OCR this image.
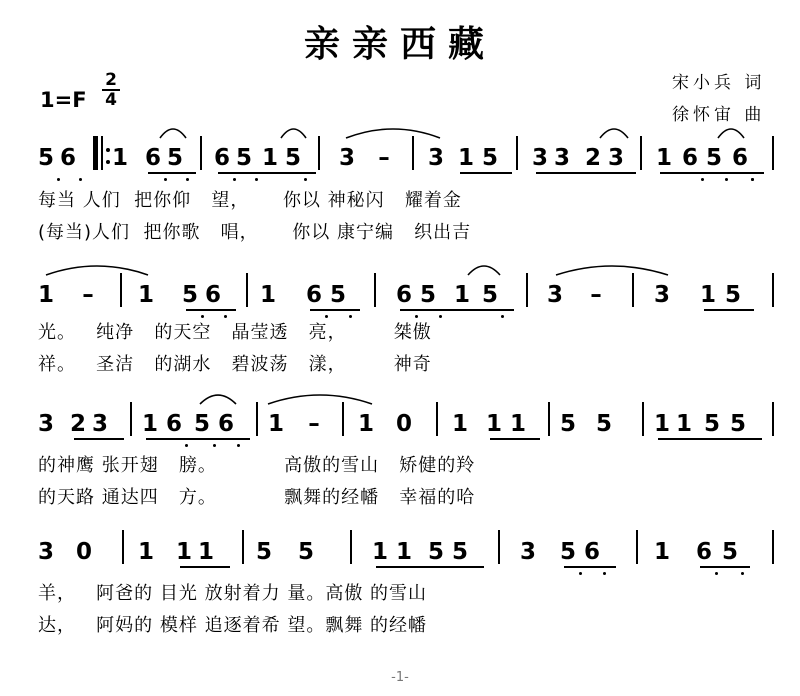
亲亲西藏
宋小兵 词
徐怀宙 曲
1=F
2
4
5 6 1 6 5 6 5 1 5 3 – 3 1 5 3 3 2 3 1 6 5 6
每当 人们  把你仰   望，     你以 神秘闪   耀着金
(每当)人们  把你歌   唱，     你以 康宁编   织出吉
1 – 1 5 6 1 6 5 6 5 1 5 3 – 3 1 5
光。   纯净   的天空   晶莹透   亮，       桀傲
祥。   圣洁   的湖水   碧波荡   漾，       神奇
3 2 3 1 6 5 6 1 – 1 0 1 1 1 5 5 1 1 5 5
的神鹰 张开翅   膀。          高傲的雪山   矫健的羚
的天路 通达四   方。          飘舞的经幡   幸福的哈
3 0 1 1 1 5 5	1 1 5 5 3 5 6 1 6 5
羊，   阿爸的 目光 放射着力 量。高傲 的雪山
达，   阿妈的 模样 追逐着希 望。飘舞 的经幡
-1-
